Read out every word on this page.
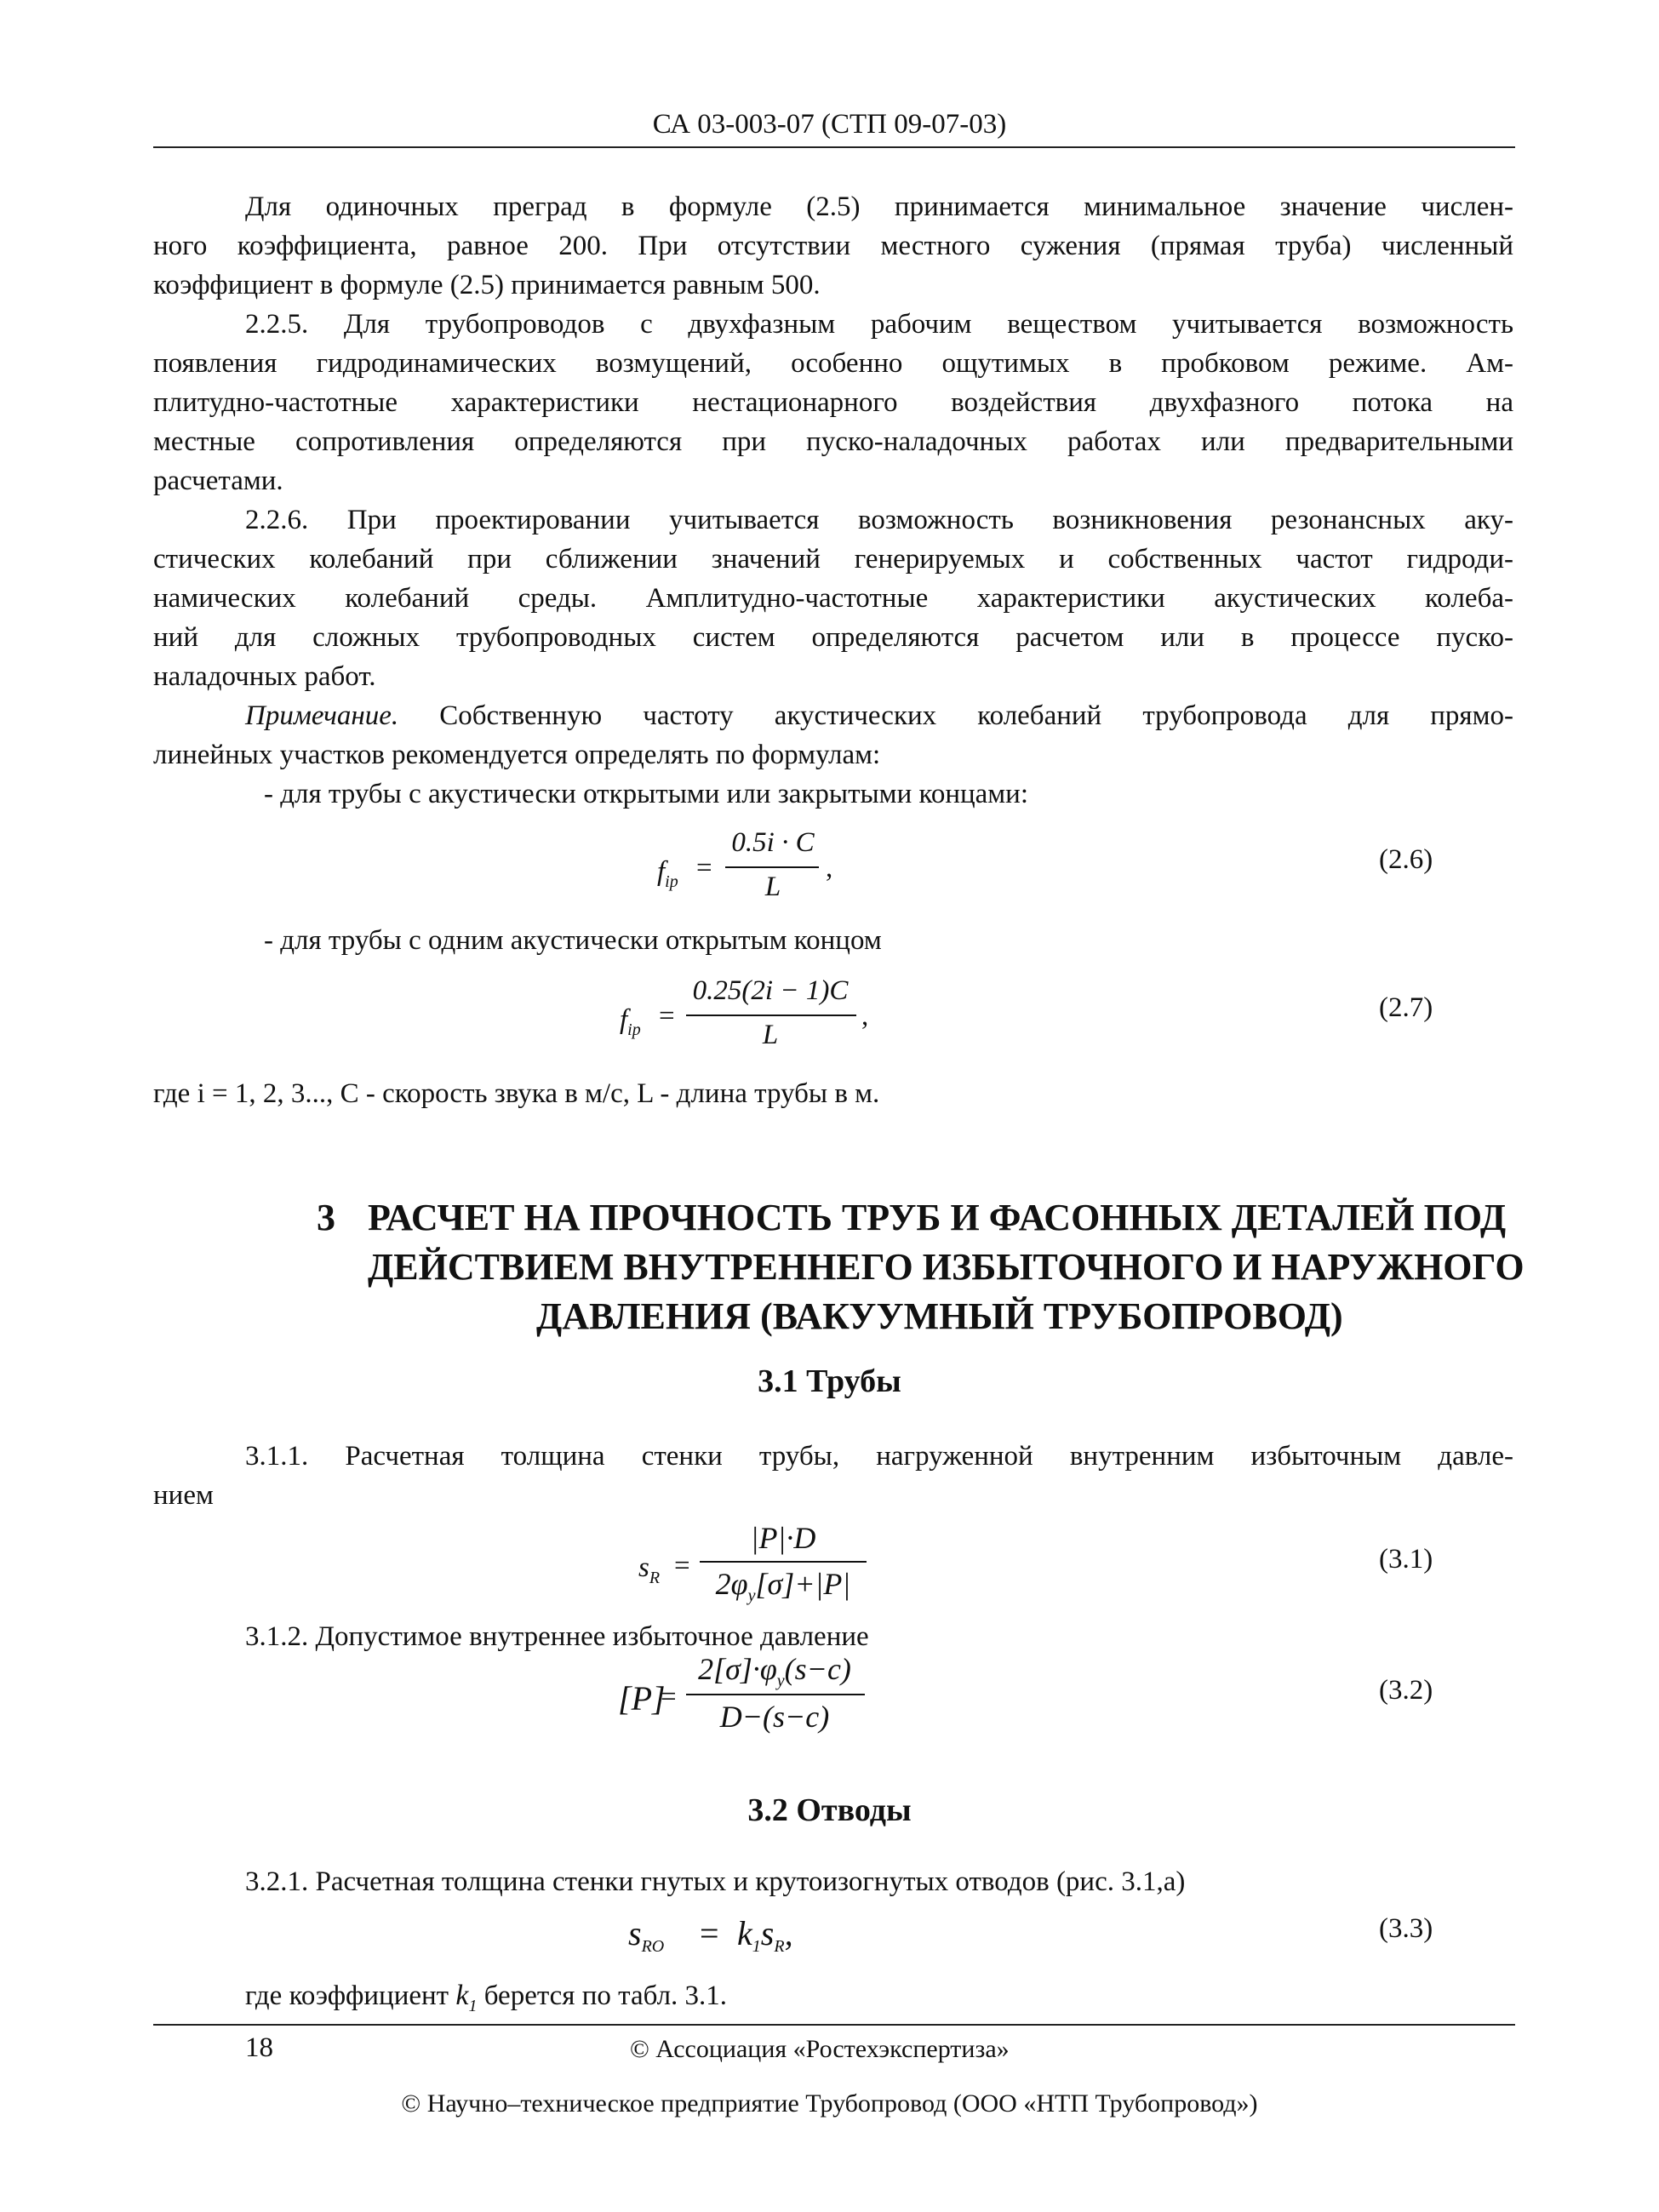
СА 03-003-07 (СТП 09-07-03)
Для одиночных преград в формуле (2.5) принимается минимальное значение числен-
ного коэффициента, равное 200. При отсутствии местного сужения (прямая труба) численный
коэффициент в формуле (2.5) принимается равным 500.
2.2.5. Для трубопроводов с двухфазным рабочим веществом учитывается возможность
появления гидродинамических возмущений, особенно ощутимых в пробковом режиме. Ам-
плитудно-частотные характеристики нестационарного воздействия двухфазного потока на
местные сопротивления определяются при пуско-наладочных работах или предварительными
расчетами.
2.2.6. При проектировании учитывается возможность возникновения резонансных аку-
стических колебаний при сближении значений генерируемых и собственных частот гидроди-
намических колебаний среды. Амплитудно-частотные характеристики акустических колеба-
ний для сложных трубопроводных систем определяются расчетом или в процессе пуско-
наладочных работ.
Примечание. Собственную частоту акустических колебаний трубопровода для прямо-
линейных участков рекомендуется определять по формулам:
- для трубы с акустически открытыми или закрытыми концами:
$f_{ip}$ =
0.5i · C
L
,	(2.6)
- для трубы с одним акустически открытым концом
$f_{ip}$ =
0.25(2i − 1)C
L
,	(2.7)
где i = 1, 2, 3..., С - скорость звука в м/с, L - длина трубы в м.
3 РАСЧЕТ НА ПРОЧНОСТЬ ТРУБ И ФАСОННЫХ ДЕТАЛЕЙ ПОД
ДЕЙСТВИЕМ ВНУТРЕННЕГО ИЗБЫТОЧНОГО И НАРУЖНОГО
ДАВЛЕНИЯ (ВАКУУМНЫЙ ТРУБОПРОВОД)
3.1 Трубы
3.1.1. Расчетная толщина стенки трубы, нагруженной внутренним избыточным давле-
нием
$s_R$ =
|P|·D
$2\varphi_y[\sigma]+|P|$
(3.1)
3.1.2. Допустимое внутреннее избыточное давление
[P]
=
$2[\sigma]\cdot\varphi_y(s-c)$
D−(s−c)
(3.2)
3.2 Отводы
3.2.1. Расчетная толщина стенки гнутых и крутоизогнутых отводов (рис. 3.1,а)
$s_{RO} = k_1s_R$,	(3.3)
где коэффициент $k_1$ берется по табл. 3.1.
18	© Ассоциация «Ростехэкспертиза»
© Научно–техническое предприятие Трубопровод (ООО «НТП Трубопровод»)
